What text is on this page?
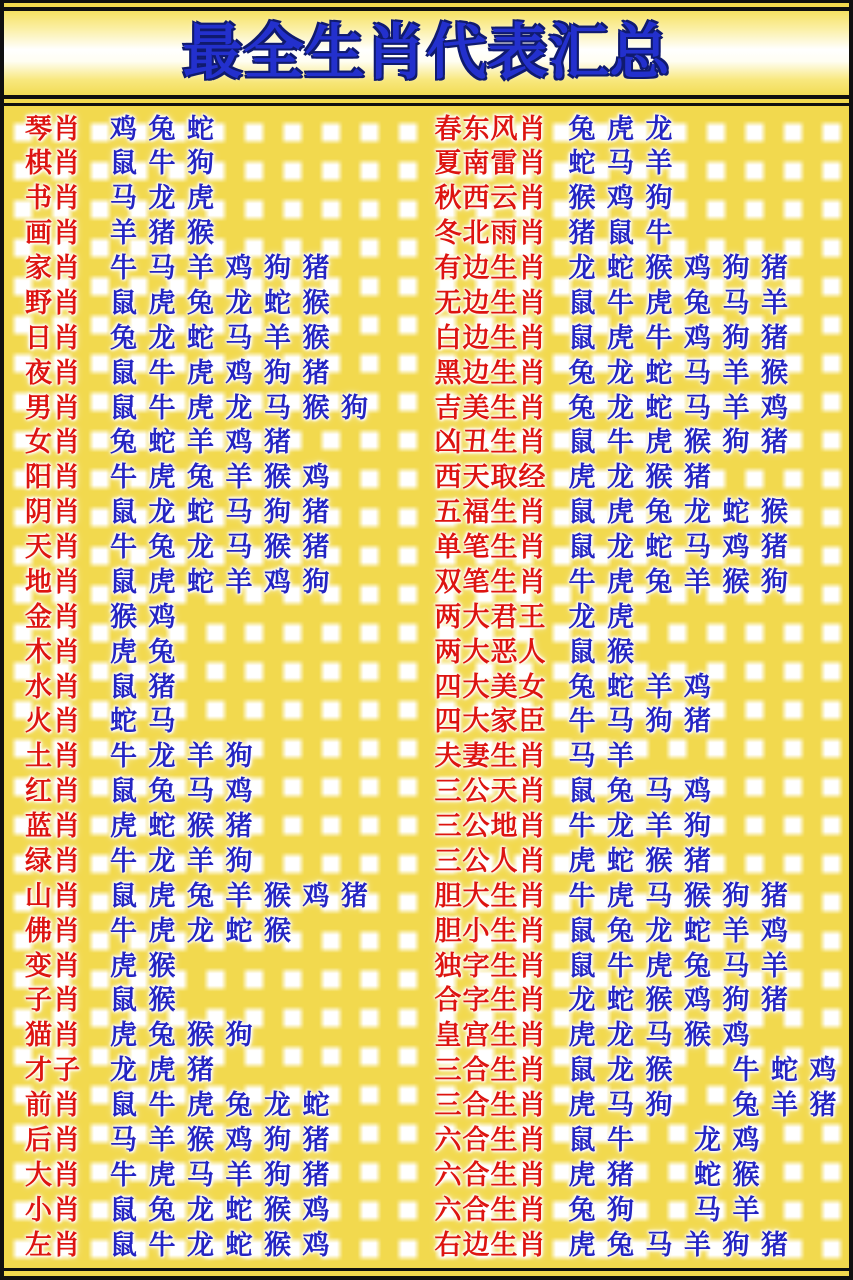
最全生肖代表汇总
琴肖	鸡 兔 蛇
棋肖	鼠 牛 狗
书肖	马 龙 虎
画肖	羊 猪 猴
家肖	牛 马 羊 鸡 狗 猪
野肖	鼠 虎 兔 龙 蛇 猴
日肖	兔 龙 蛇 马 羊 猴
夜肖	鼠 牛 虎 鸡 狗 猪
男肖	鼠 牛 虎 龙 马 猴 狗
女肖	兔 蛇 羊 鸡 猪
阳肖	牛 虎 兔 羊 猴 鸡
阴肖	鼠 龙 蛇 马 狗 猪
天肖	牛 兔 龙 马 猴 猪
地肖	鼠 虎 蛇 羊 鸡 狗
金肖	猴 鸡
木肖	虎 兔
水肖	鼠 猪
火肖	蛇 马
土肖	牛 龙 羊 狗
红肖	鼠 兔 马 鸡
蓝肖	虎 蛇 猴 猪
绿肖	牛 龙 羊 狗
山肖	鼠 虎 兔 羊 猴 鸡 猪
佛肖	牛 虎 龙 蛇 猴
变肖	虎 猴
子肖	鼠 猴
猫肖	虎 兔 猴 狗
才子	龙 虎 猪
前肖	鼠 牛 虎 兔 龙 蛇
后肖	马 羊 猴 鸡 狗 猪
大肖	牛 虎 马 羊 狗 猪
小肖	鼠 兔 龙 蛇 猴 鸡
左肖	鼠 牛 龙 蛇 猴 鸡
春东风肖 兔 虎 龙
夏南雷肖 蛇 马 羊
秋西云肖 猴 鸡 狗
冬北雨肖 猪 鼠 牛
有边生肖 龙 蛇 猴 鸡 狗 猪
无边生肖 鼠 牛 虎 兔 马 羊
白边生肖 鼠 虎 牛 鸡 狗 猪
黑边生肖 兔 龙 蛇 马 羊 猴
吉美生肖 兔 龙 蛇 马 羊 鸡
凶丑生肖 鼠 牛 虎 猴 狗 猪
西天取经 虎 龙 猴 猪
五福生肖 鼠 虎 兔 龙 蛇 猴
单笔生肖 鼠 龙 蛇 马 鸡 猪
双笔生肖 牛 虎 兔 羊 猴 狗
两大君王 龙 虎
两大恶人 鼠 猴
四大美女 兔 蛇 羊 鸡
四大家臣 牛 马 狗 猪
夫妻生肖 马 羊
三公天肖 鼠 兔 马 鸡
三公地肖 牛 龙 羊 狗
三公人肖 虎 蛇 猴 猪
胆大生肖 牛 虎 马 猴 狗 猪
胆小生肖 鼠 兔 龙 蛇 羊 鸡
独字生肖 鼠 牛 虎 兔 马 羊
合字生肖 龙 蛇 猴 鸡 狗 猪
皇宫生肖 虎 龙 马 猴 鸡
三合生肖 鼠 龙 猴　　牛 蛇 鸡
三合生肖 虎 马 狗　　兔 羊 猪
六合生肖 鼠 牛　　龙 鸡
六合生肖 虎 猪　　蛇 猴
六合生肖 兔 狗　　马 羊
右边生肖 虎 兔 马 羊 狗 猪
